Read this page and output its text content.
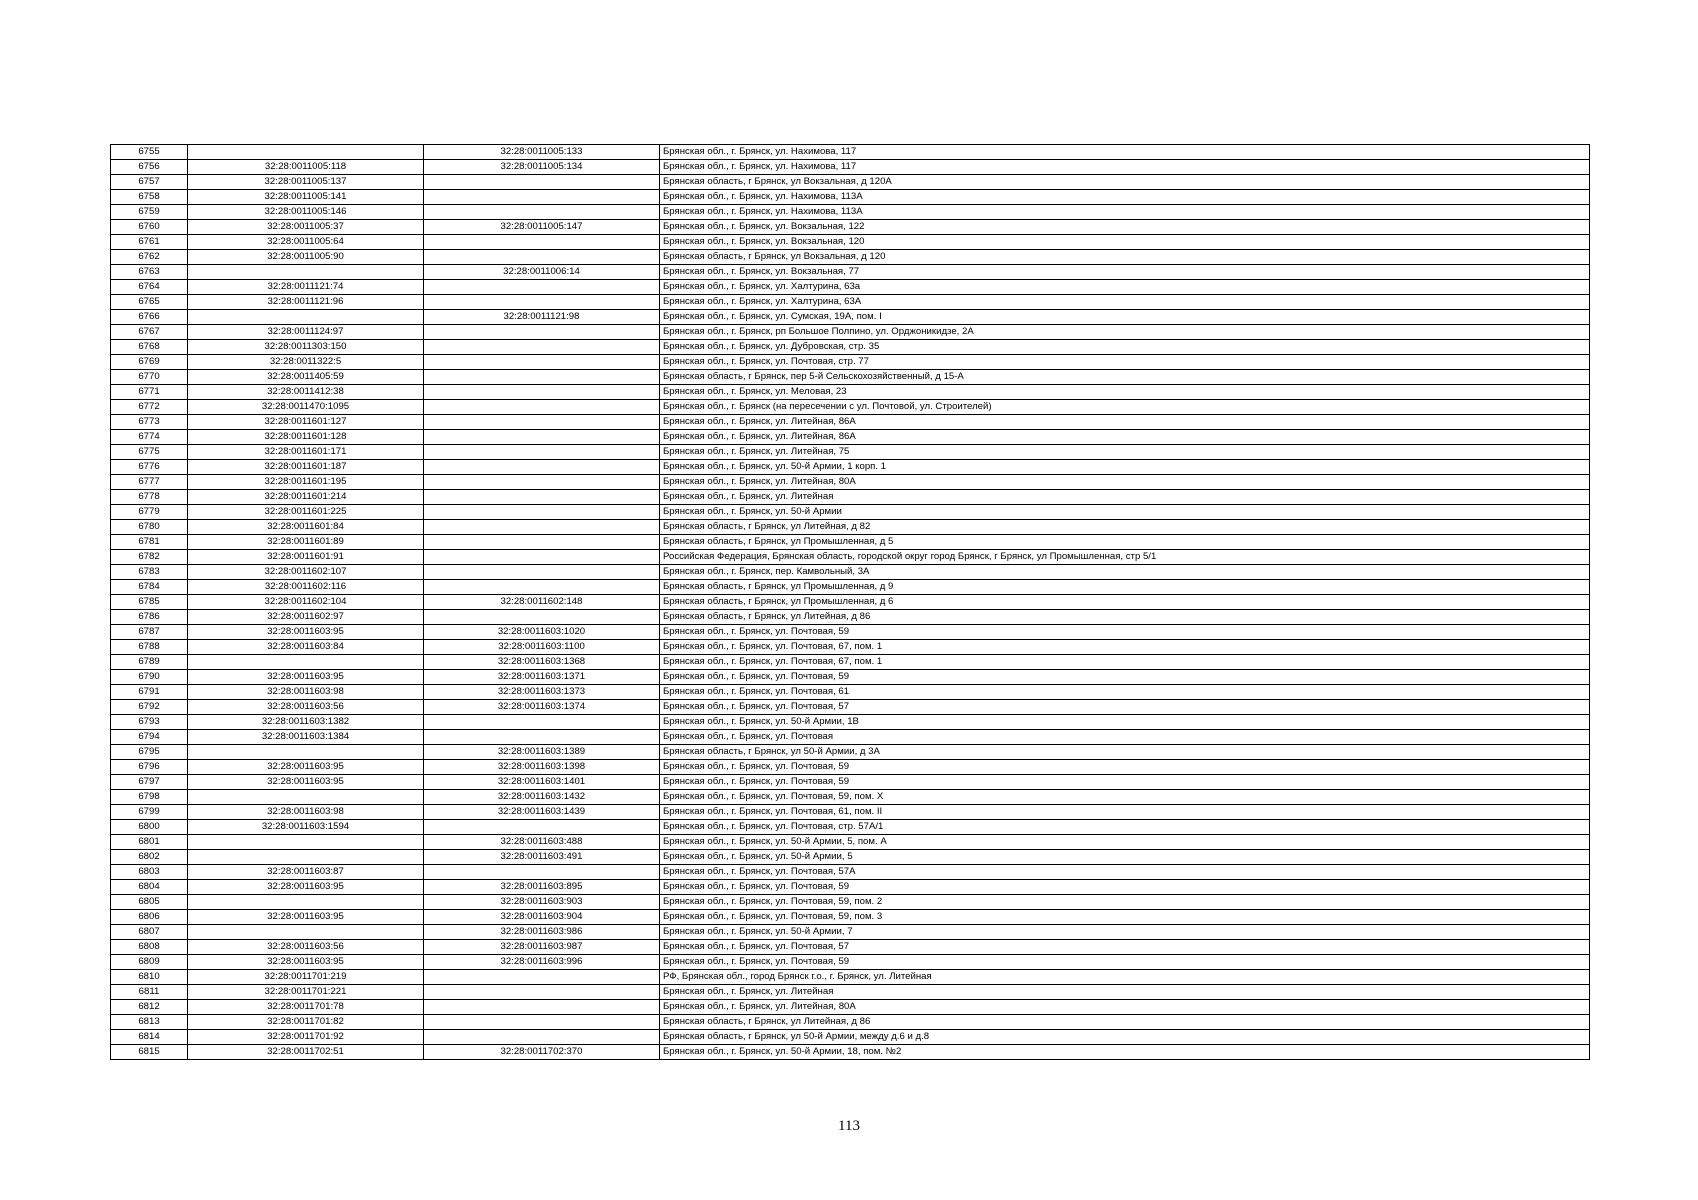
6755		32:28:0011005:133	Брянская обл., г. Брянск, ул. Нахимова, 117
6756	32:28:0011005:118	32:28:0011005:134	Брянская обл., г. Брянск, ул. Нахимова, 117
6757	32:28:0011005:137		Брянская область, г Брянск, ул Вокзальная, д 120А
6758	32:28:0011005:141		Брянская обл., г. Брянск, ул. Нахимова, 113А
6759	32:28:0011005:146		Брянская обл., г. Брянск, ул. Нахимова, 113А
6760	32:28:0011005:37	32:28:0011005:147	Брянская обл., г. Брянск, ул. Вокзальная, 122
6761	32:28:0011005:64		Брянская обл., г. Брянск, ул. Вокзальная, 120
6762	32:28:0011005:90		Брянская область, г Брянск, ул Вокзальная, д 120
6763		32:28:0011006:14	Брянская обл., г. Брянск, ул. Вокзальная, 77
6764	32:28:0011121:74		Брянская обл., г. Брянск, ул. Халтурина, 63а
6765	32:28:0011121:96		Брянская обл., г. Брянск, ул. Халтурина, 63А
6766		32:28:0011121:98	Брянская обл., г. Брянск, ул. Сумская, 19А, пом. I
6767	32:28:0011124:97		Брянская обл., г. Брянск, рп Большое Полпино, ул. Орджоникидзе, 2А
6768	32:28:0011303:150		Брянская обл., г. Брянск, ул. Дубровская, стр. 35
6769	32:28:0011322:5		Брянская обл., г. Брянск, ул. Почтовая, стр. 77
6770	32:28:0011405:59		Брянская область, г Брянск, пер 5-й Сельскохозяйственный, д 15-А
6771	32:28:0011412:38		Брянская обл., г. Брянск, ул. Меловая, 23
6772	32:28:0011470:1095		Брянская обл., г. Брянск (на пересечении с ул. Почтовой, ул. Строителей)
6773	32:28:0011601:127		Брянская обл., г. Брянск, ул. Литейная, 86А
6774	32:28:0011601:128		Брянская обл., г. Брянск, ул. Литейная, 86А
6775	32:28:0011601:171		Брянская обл., г. Брянск, ул. Литейная, 75
6776	32:28:0011601:187		Брянская обл., г. Брянск, ул. 50-й Армии, 1 корп. 1
6777	32:28:0011601:195		Брянская обл., г. Брянск, ул. Литейная, 80А
6778	32:28:0011601:214		Брянская обл., г. Брянск, ул. Литейная
6779	32:28:0011601:225		Брянская обл., г. Брянск, ул. 50-й Армии
6780	32:28:0011601:84		Брянская область, г Брянск, ул Литейная, д 82
6781	32:28:0011601:89		Брянская область, г Брянск, ул Промышленная, д 5
6782	32:28:0011601:91		Российская Федерация, Брянская область, городской округ город Брянск, г Брянск, ул Промышленная, стр 5/1
6783	32:28:0011602:107		Брянская обл., г. Брянск, пер. Камвольный, 3А
6784	32:28:0011602:116		Брянская область, г Брянск, ул Промышленная, д 9
6785	32:28:0011602:104	32:28:0011602:148	Брянская область, г Брянск, ул Промышленная, д 6
6786	32:28:0011602:97		Брянская область, г Брянск, ул Литейная, д 86
6787	32:28:0011603:95	32:28:0011603:1020	Брянская обл., г. Брянск, ул. Почтовая, 59
6788	32:28:0011603:84	32:28:0011603:1100	Брянская обл., г. Брянск, ул. Почтовая, 67, пом. 1
6789		32:28:0011603:1368	Брянская обл., г. Брянск, ул. Почтовая, 67, пом. 1
6790	32:28:0011603:95	32:28:0011603:1371	Брянская обл., г. Брянск, ул. Почтовая, 59
6791	32:28:0011603:98	32:28:0011603:1373	Брянская обл., г. Брянск, ул. Почтовая, 61
6792	32:28:0011603:56	32:28:0011603:1374	Брянская обл., г. Брянск, ул. Почтовая, 57
6793	32:28:0011603:1382		Брянская обл., г. Брянск, ул. 50-й Армии, 1В
6794	32:28:0011603:1384		Брянская обл., г. Брянск, ул. Почтовая
6795		32:28:0011603:1389	Брянская область, г Брянск, ул 50-й Армии, д 3А
6796	32:28:0011603:95	32:28:0011603:1398	Брянская обл., г. Брянск, ул. Почтовая, 59
6797	32:28:0011603:95	32:28:0011603:1401	Брянская обл., г. Брянск, ул. Почтовая, 59
6798		32:28:0011603:1432	Брянская обл., г. Брянск, ул. Почтовая, 59, пом. X
6799	32:28:0011603:98	32:28:0011603:1439	Брянская обл., г. Брянск, ул. Почтовая, 61, пом. II
6800	32:28:0011603:1594		Брянская обл., г. Брянск, ул. Почтовая, стр. 57А/1
6801		32:28:0011603:488	Брянская обл., г. Брянск, ул. 50-й Армии, 5, пом. А
6802		32:28:0011603:491	Брянская обл., г. Брянск, ул. 50-й Армии, 5
6803	32:28:0011603:87		Брянская обл., г. Брянск, ул. Почтовая, 57А
6804	32:28:0011603:95	32:28:0011603:895	Брянская обл., г. Брянск, ул. Почтовая, 59
6805		32:28:0011603:903	Брянская обл., г. Брянск, ул. Почтовая, 59, пом. 2
6806	32:28:0011603:95	32:28:0011603:904	Брянская обл., г. Брянск, ул. Почтовая, 59, пом. 3
6807		32:28:0011603:986	Брянская обл., г. Брянск, ул. 50-й Армии, 7
6808	32:28:0011603:56	32:28:0011603:987	Брянская обл., г. Брянск, ул. Почтовая, 57
6809	32:28:0011603:95	32:28:0011603:996	Брянская обл., г. Брянск, ул. Почтовая, 59
6810	32:28:0011701:219		РФ, Брянская обл., город Брянск г.о., г. Брянск, ул. Литейная
6811	32:28:0011701:221		Брянская обл., г. Брянск, ул. Литейная
6812	32:28:0011701:78		Брянская обл., г. Брянск, ул. Литейная, 80А
6813	32:28:0011701:82		Брянская область, г Брянск, ул Литейная, д 86
6814	32:28:0011701:92		Брянская область, г Брянск, ул 50-й Армии, между д.6 и д.8
6815	32:28:0011702:51	32:28:0011702:370	Брянская обл., г. Брянск, ул. 50-й Армии, 18, пом. №2
113
